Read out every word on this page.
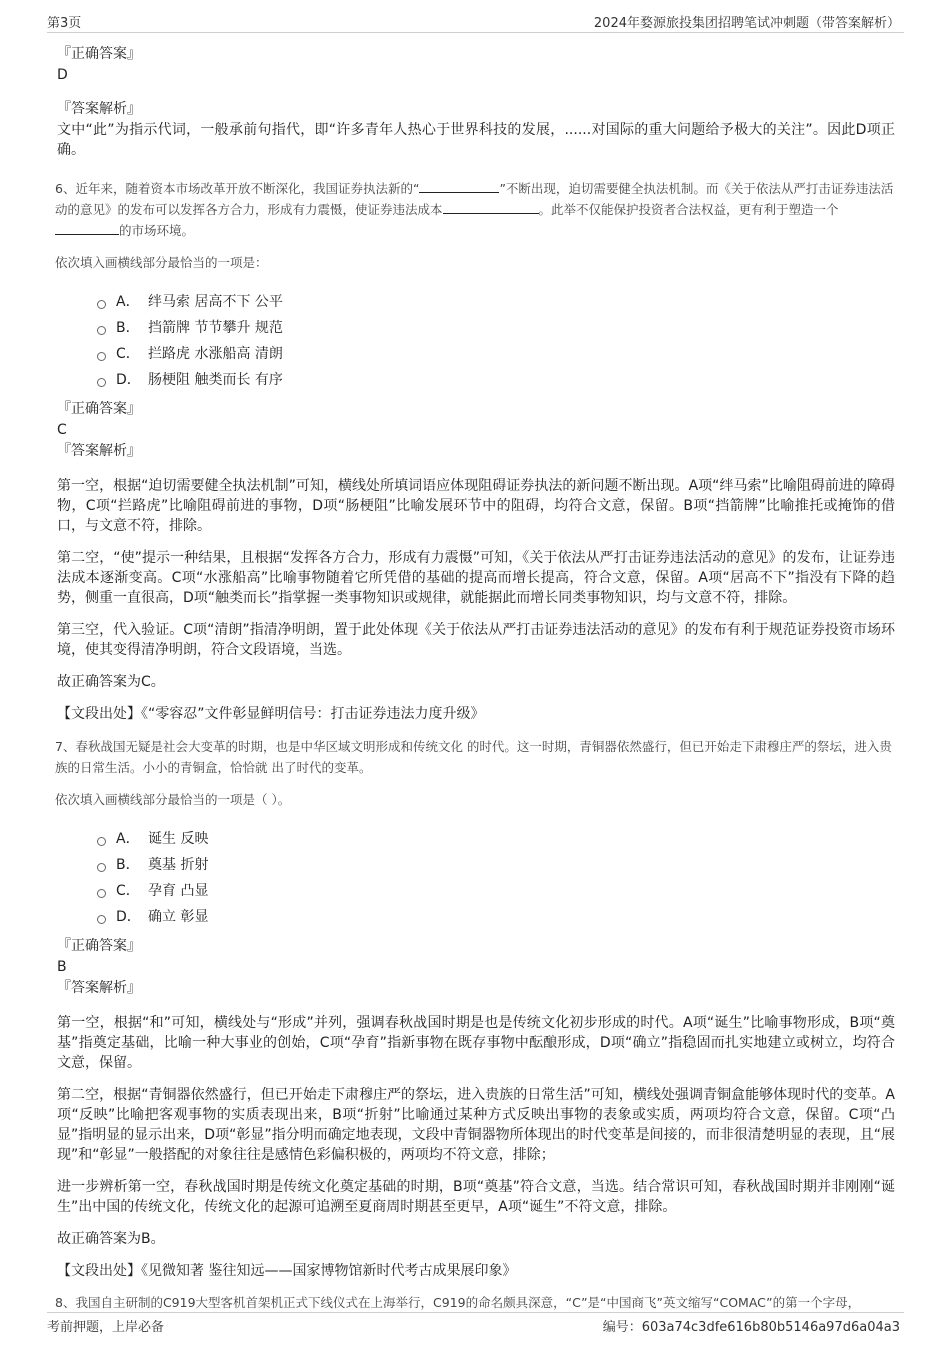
第3页	2024年婺源旅投集团招聘笔试冲刺题（带答案解析）
『正确答案』
D
『答案解析』
文中“此”为指示代词，一般承前句指代，即“许多青年人热心于世界科技的发展，......对国际的重大问题给予极大的关注”。因此D项正确。
6、近年来，随着资本市场改革开放不断深化，我国证券执法新的“	”不断出现，迫切需要健全执法机制。而《关于依法从严打击证券违法活动的意见》的发布可以发挥各方合力，形成有力震慑，使证券违法成本	。此举不仅能保护投资者合法权益，更有利于塑造一个的市场环境。
依次填入画横线部分最恰当的一项是：
A． 绊马索 居高不下 公平
B． 挡箭牌 节节攀升 规范
C． 拦路虎 水涨船高 清朗
D． 肠梗阻 触类而长 有序
『正确答案』
C
『答案解析』
第一空，根据“迫切需要健全执法机制”可知，横线处所填词语应体现阻碍证券执法的新问题不断出现。A项“绊马索”比喻阻碍前进的障碍物，C项“拦路虎”比喻阻碍前进的事物，D项“肠梗阻”比喻发展环节中的阻碍，均符合文意，保留。B项“挡箭牌”比喻推托或掩饰的借口，与文意不符，排除。
第二空，“使”提示一种结果，且根据“发挥各方合力，形成有力震慑”可知，《关于依法从严打击证券违法活动的意见》的发布，让证券违法成本逐渐变高。C项“水涨船高”比喻事物随着它所凭借的基础的提高而增长提高，符合文意，保留。A项“居高不下”指没有下降的趋势，侧重一直很高，D项“触类而长”指掌握一类事物知识或规律，就能据此而增长同类事物知识，均与文意不符，排除。
第三空，代入验证。C项“清朗”指清净明朗，置于此处体现《关于依法从严打击证券违法活动的意见》的发布有利于规范证券投资市场环境，使其变得清净明朗，符合文段语境，当选。
故正确答案为C。
【文段出处】《“零容忍”文件彰显鲜明信号：打击证券违法力度升级》
7、春秋战国无疑是社会大变革的时期，也是中华区域文明形成和传统文化 的时代。这一时期，青铜器依然盛行，但已开始走下肃穆庄严的祭坛，进入贵族的日常生活。小小的青铜盒，恰恰就 出了时代的变革。
依次填入画横线部分最恰当的一项是（ ）。
A． 诞生 反映
B． 奠基 折射
C． 孕育 凸显
D． 确立 彰显
『正确答案』
B
『答案解析』
第一空，根据“和”可知，横线处与“形成”并列，强调春秋战国时期是也是传统文化初步形成的时代。A项“诞生”比喻事物形成，B项“奠基”指奠定基础，比喻一种大事业的创始，C项“孕育”指新事物在既存事物中酝酿形成，D项“确立”指稳固而扎实地建立或树立，均符合文意，保留。
第二空，根据“青铜器依然盛行，但已开始走下肃穆庄严的祭坛，进入贵族的日常生活”可知，横线处强调青铜盒能够体现时代的变革。A项“反映”比喻把客观事物的实质表现出来，B项“折射”比喻通过某种方式反映出事物的表象或实质，两项均符合文意，保留。C项“凸显”指明显的显示出来，D项“彰显”指分明而确定地表现，文段中青铜器物所体现出的时代变革是间接的，而非很清楚明显的表现，且“展现”和“彰显”一般搭配的对象往往是感情色彩偏积极的，两项均不符文意，排除；
进一步辨析第一空，春秋战国时期是传统文化奠定基础的时期，B项“奠基”符合文意，当选。结合常识可知，春秋战国时期并非刚刚“诞生”出中国的传统文化，传统文化的起源可追溯至夏商周时期甚至更早，A项“诞生”不符文意，排除。
故正确答案为B。
【文段出处】《见微知著 鉴往知远——国家博物馆新时代考古成果展印象》
8、我国自主研制的C919大型客机首架机正式下线仪式在上海举行，C919的命名颇具深意，“C”是“中国商飞”英文缩写“COMAC”的第一个字母，
考前押题，上岸必备	编号：603a74c3dfe616b80b5146a97d6a04a3
